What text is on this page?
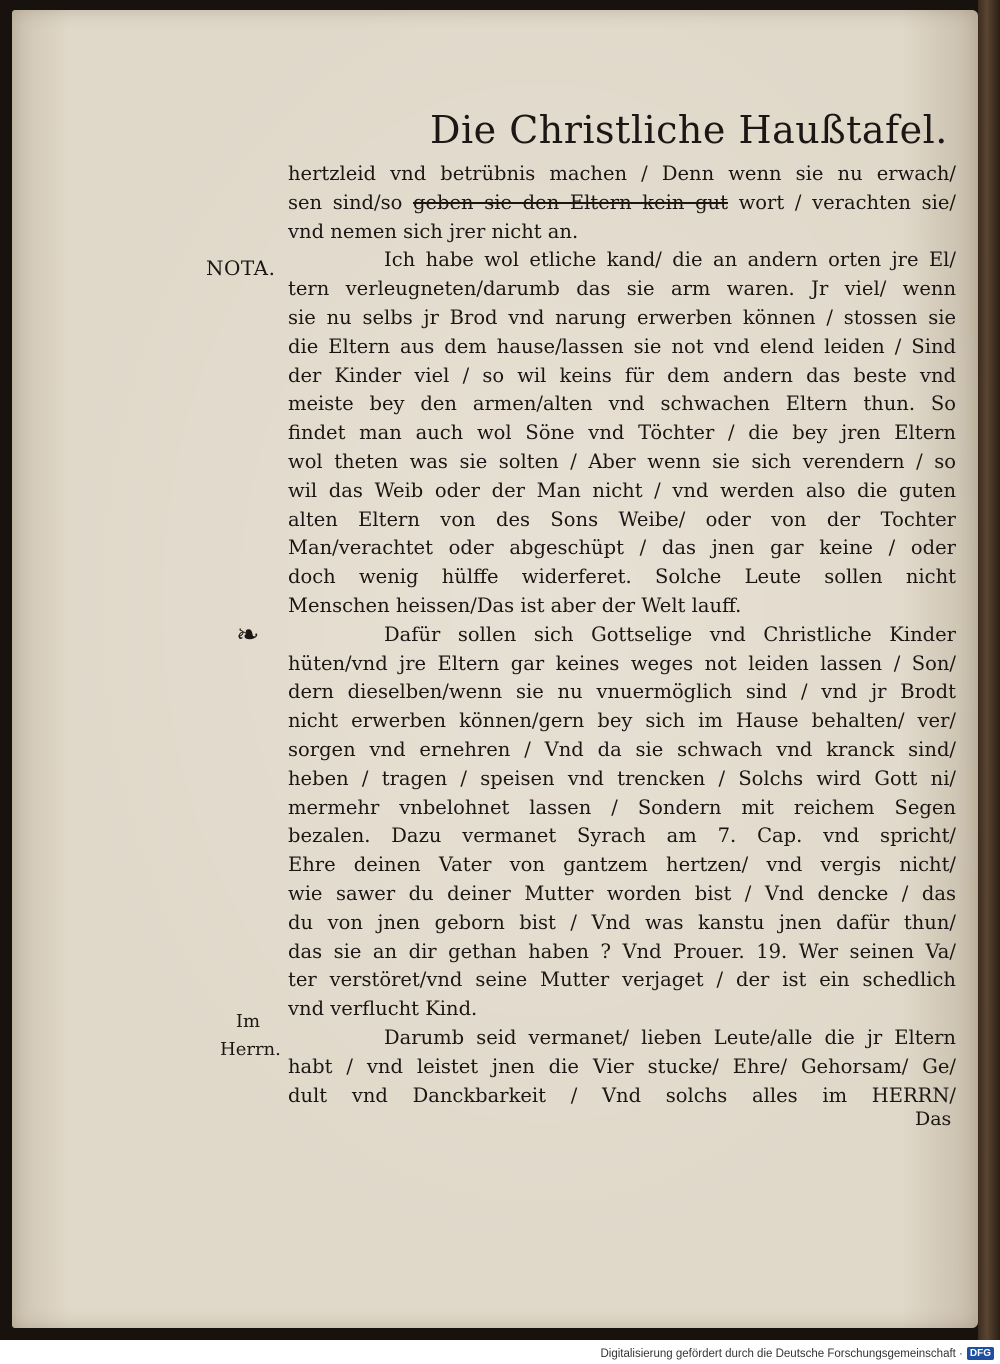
Die Christliche Haußtafel.
NOTA.
❧
Im Herrn.
hertzleid vnd betrübnis machen / Denn wenn sie nu erwach/
sen sind/so geben sie den Eltern kein gut wort / verachten sie/
vnd nemen sich jrer nicht an.
Ich habe wol etliche kand/ die an andern orten jre El/
tern verleugneten/darumb das sie arm waren. Jr viel/ wenn
sie nu selbs jr Brod vnd narung erwerben können / stossen sie
die Eltern aus dem hause/lassen sie not vnd elend leiden / Sind
der Kinder viel / so wil keins für dem andern das beste vnd
meiste bey den armen/alten vnd schwachen Eltern thun. So
findet man auch wol Söne vnd Töchter / die bey jren Eltern
wol theten was sie solten / Aber wenn sie sich verendern / so
wil das Weib oder der Man nicht / vnd werden also die guten
alten Eltern von des Sons Weibe/ oder von der Tochter
Man/verachtet oder abgeschüpt / das jnen gar keine / oder
doch wenig hülffe widerferet. Solche Leute sollen nicht
Menschen heissen/Das ist aber der Welt lauff.
Dafür sollen sich Gottselige vnd Christliche Kinder
hüten/vnd jre Eltern gar keines weges not leiden lassen / Son/
dern dieselben/wenn sie nu vnuermöglich sind / vnd jr Brodt
nicht erwerben können/gern bey sich im Hause behalten/ ver/
sorgen vnd ernehren / Vnd da sie schwach vnd kranck sind/
heben / tragen / speisen vnd trencken / Solchs wird Gott ni/
mermehr vnbelohnet lassen / Sondern mit reichem Segen
bezalen. Dazu vermanet Syrach am 7. Cap. vnd spricht/
Ehre deinen Vater von gantzem hertzen/ vnd vergis nicht/
wie sawer du deiner Mutter worden bist / Vnd dencke / das
du von jnen geborn bist / Vnd was kanstu jnen dafür thun/
das sie an dir gethan haben ? Vnd Prouer. 19. Wer seinen Va/
ter verstöret/vnd seine Mutter verjaget / der ist ein schedlich
vnd verflucht Kind.
Darumb seid vermanet/ lieben Leute/alle die jr Eltern
habt / vnd leistet jnen die Vier stucke/ Ehre/ Gehorsam/ Ge/
dult vnd Danckbarkeit / Vnd solchs alles im HERRN/
Das
Digitalisierung gefördert durch die Deutsche Forschungsgemeinschaft · DFG
